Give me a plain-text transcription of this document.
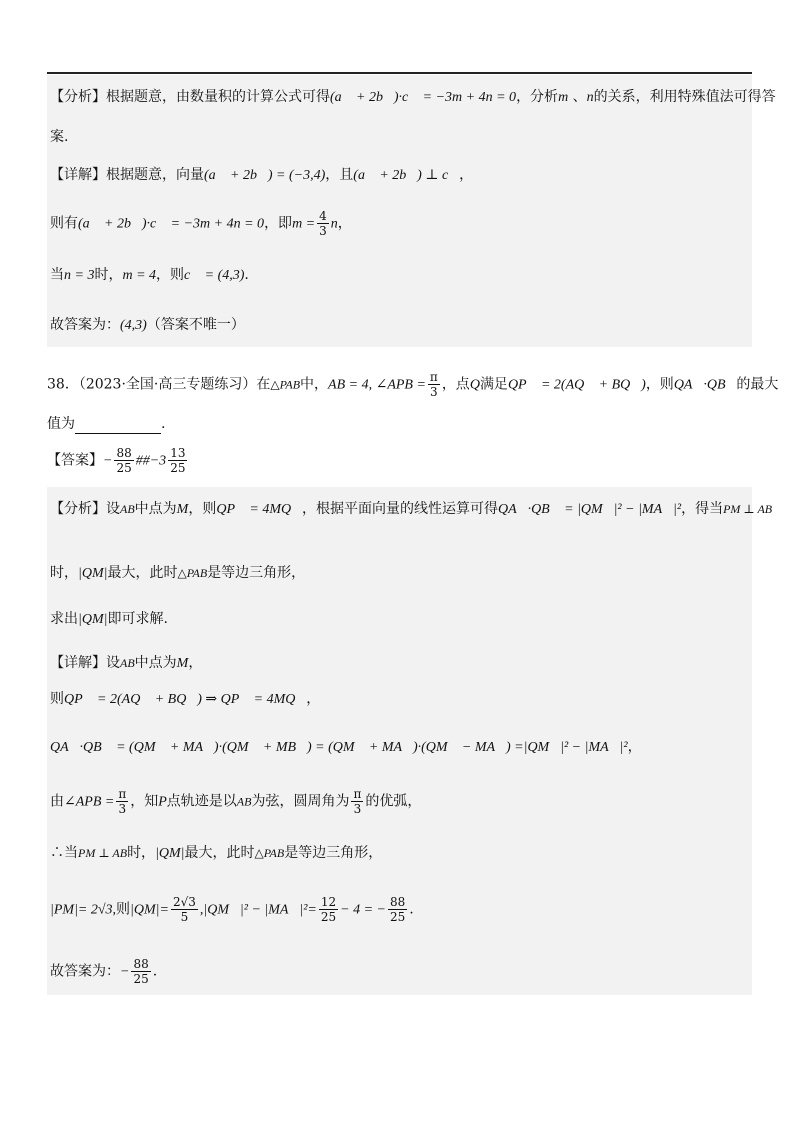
【分析】根据题意，由数量积的计算公式可得(a⃗ + 2b⃗)·c⃗ = −3m + 4n = 0，分析m 、n的关系，利用特殊值法可得答
案.
【详解】根据题意，向量(a⃗ + 2b⃗) = (−3,4)，且(a⃗ + 2b⃗) ⊥ c⃗，
则有(a⃗ + 2b⃗)·c⃗ = −3m + 4n = 0，即$m = \frac{4}{3}$ n，
当n = 3时，m = 4，则c⃗ = (4,3).
故答案为：(4,3)（答案不唯一）
38．（2023·全国·高三专题练习）在△PAB中，AB = 4, ∠APB = $\frac{\pi}{3}$ ，点Q满足QP⃗ = 2(AQ⃗ + BQ⃗)，则QA⃗·QB⃗的最大
值为	.
【答案】− $\frac{88}{25}$ ##−3 $\frac{13}{25}$
【分析】设AB中点为M，则QP⃗ = 4MQ⃗，根据平面向量的线性运算可得QA⃗·QB⃗ = |QM⃗|² − |MA⃗|²，得当PM ⊥ AB
时，|QM|最大，此时△PAB是等边三角形，
求出|QM|即可求解.
【详解】设AB中点为M，
则QP⃗ = 2(AQ⃗ + BQ⃗) ⇒ QP⃗ = 4MQ⃗，
QA⃗·QB⃗ = (QM⃗ + MA⃗)·(QM⃗ + MB⃗) = (QM⃗ + MA⃗)·(QM⃗ − MA⃗) =|QM⃗|² − |MA⃗|²，
由∠APB = $\frac{\pi}{3}$ ，知P点轨迹是以AB为弦，圆周角为 $\frac{\pi}{3}$ 的优弧，
∴当PM ⊥ AB时，|QM|最大，此时△PAB是等边三角形，
|PM|= 2√3,则$|QM|= \frac{2√3}{5}$ ,|QM⃗|² − |MA⃗|²= $\frac{12}{25} - 4$ = − $\frac{88}{25}$ .
故答案为：− $\frac{88}{25}$ .
